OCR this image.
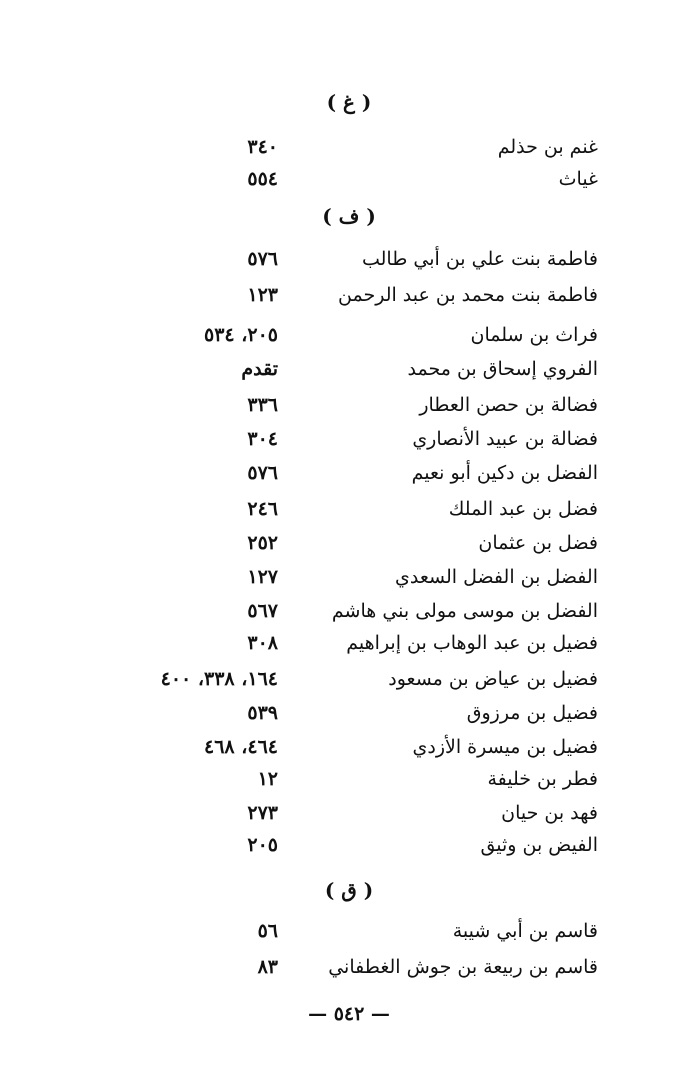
( غ )
غنم بن حذلم
٣٤٠
غياث
٥٥٤
( ف )
فاطمة بنت علي بن أبي طالب
٥٧٦
فاطمة بنت محمد بن عبد الرحمن
١٢٣
فراث بن سلمان
٢٠٥، ٥٣٤
الفروي إسحاق بن محمد
تقدم
فضالة بن حصن العطار
٣٣٦
فضالة بن عبيد الأنصاري
٣٠٤
الفضل بن دكين أبو نعيم
٥٧٦
فضل بن عبد الملك
٢٤٦
فضل بن عثمان
٢٥٢
الفضل بن الفضل السعدي
١٢٧
الفضل بن موسى مولى بني هاشم
٥٦٧
فضيل بن عبد الوهاب بن إبراهيم
٣٠٨
فضيل بن عياض بن مسعود
١٦٤، ٣٣٨، ٤٠٠
فضيل بن مرزوق
٥٣٩
فضيل بن ميسرة الأزدي
٤٦٤، ٤٦٨
فطر بن خليفة
١٢
فهد بن حيان
٢٧٣
الفيض بن وثيق
٢٠٥
( ق )
قاسم بن أبي شيبة
٥٦
قاسم بن ربيعة بن جوش الغطفاني
٨٣
— ٥٤٢ —
